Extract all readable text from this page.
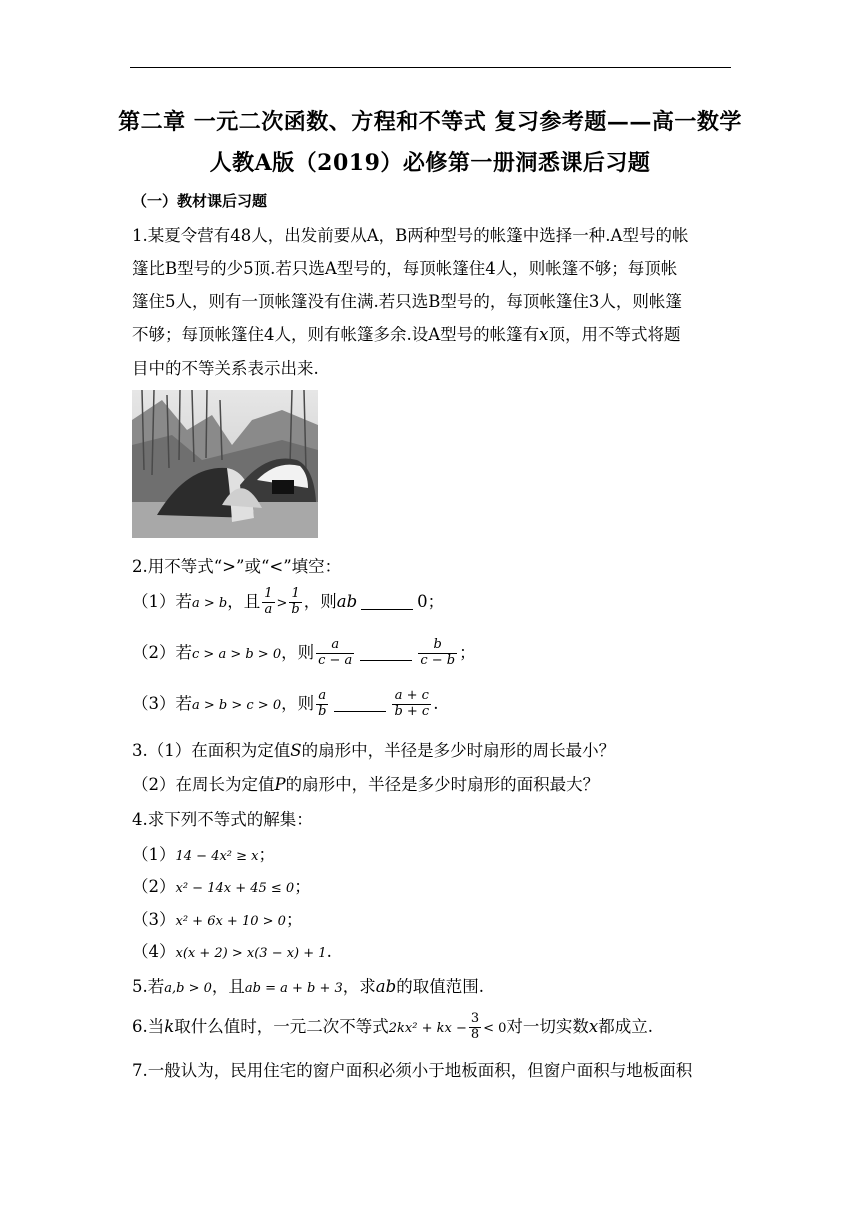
第二章 一元二次函数、方程和不等式 复习参考题——高一数学
人教A版（2019）必修第一册洞悉课后习题
（一）教材课后习题
1.某夏令营有48人，出发前要从A，B两种型号的帐篷中选择一种.A型号的帐
篷比B型号的少5顶.若只选A型号的，每顶帐篷住4人，则帐篷不够；每顶帐
篷住5人，则有一顶帐篷没有住满.若只选B型号的，每顶帐篷住3人，则帐篷
不够；每顶帐篷住4人，则有帐篷多余.设A型号的帐篷有x顶，用不等式将题
目中的不等关系表示出来.
2.用不等式“>”或“<”填空：
（1）若a > b，且 $\frac{1}{a} > \frac{1}{b}$ ，则ab	0；
（2）若c > a > b > 0，则 $\frac{a}{c - a}$	$\frac{b}{c - b}$ ；
（3）若a > b > c > 0，则 $\frac{a}{b}$	$\frac{a + c}{b + c}$ .
3.（1）在面积为定值S的扇形中，半径是多少时扇形的周长最小？
（2）在周长为定值P的扇形中，半径是多少时扇形的面积最大？
4.求下列不等式的解集：
（1）14 − 4x² ≥ x；
（2）x² − 14x + 45 ≤ 0；
（3）x² + 6x + 10 > 0；
（4）x(x + 2) > x(3 − x) + 1.
5.若a,b > 0，且ab = a + b + 3，求ab的取值范围.
6.当k取什么值时，一元二次不等式2kx² + kx − $\frac{3}{8} < 0$对一切实数x都成立.
7.一般认为，民用住宅的窗户面积必须小于地板面积，但窗户面积与地板面积
